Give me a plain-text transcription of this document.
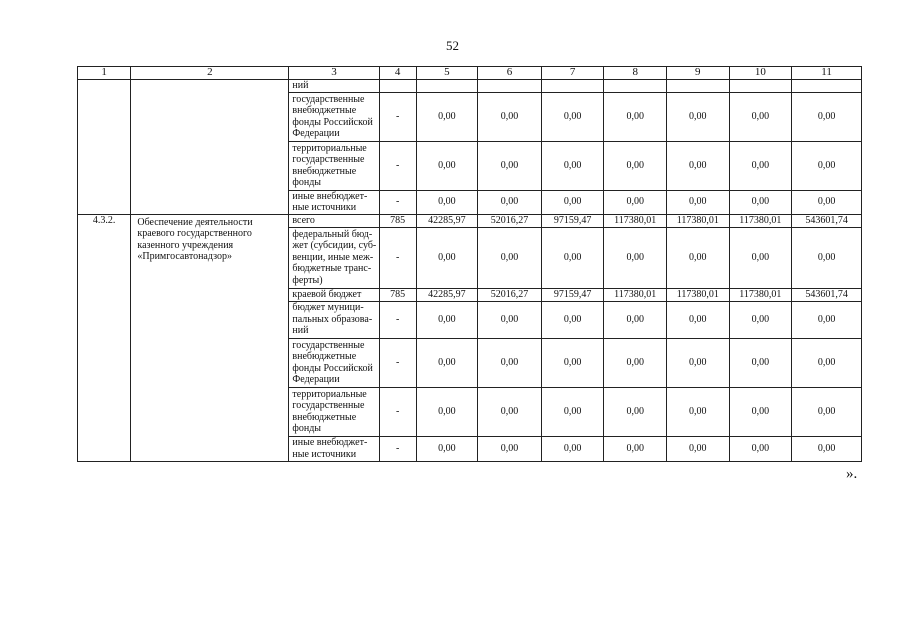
52
1	2	3	4	5	6	7	8	9	10	11
		ний								
		государственные внебюджетные фонды Российской Федерации	-	0,00	0,00	0,00	0,00	0,00	0,00	0,00
		территориальные государственные внебюджетные фонды	-	0,00	0,00	0,00	0,00	0,00	0,00	0,00
		иные внебюджет-ные источники	-	0,00	0,00	0,00	0,00	0,00	0,00	0,00
4.3.2.	Обеспечение деятельности краевого государственного казенного учреждения «Примгосавтонадзор»	всего	785	42285,97	52016,27	97159,47	117380,01	117380,01	117380,01	543601,74
		федеральный бюд-жет (субсидии, суб-венции, иные меж-бюджетные транс-ферты)	-	0,00	0,00	0,00	0,00	0,00	0,00	0,00
		краевой бюджет	785	42285,97	52016,27	97159,47	117380,01	117380,01	117380,01	543601,74
		бюджет муници-пальных образова-ний	-	0,00	0,00	0,00	0,00	0,00	0,00	0,00
		государственные внебюджетные фонды Российской Федерации	-	0,00	0,00	0,00	0,00	0,00	0,00	0,00
		территориальные государственные внебюджетные фонды	-	0,00	0,00	0,00	0,00	0,00	0,00	0,00
		иные внебюджет-ные источники	-	0,00	0,00	0,00	0,00	0,00	0,00	0,00
».
